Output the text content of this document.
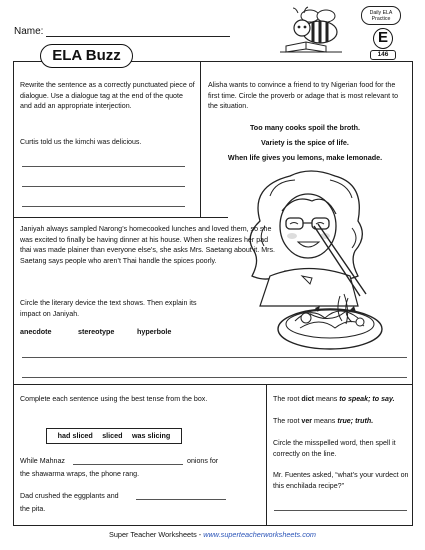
Name:
Daily ELA Practice
E
146
ELA Buzz
Rewrite the sentence as a correctly punctuated piece of dialogue. Use a dialogue tag at the end of the quote and add an appropriate interjection.
Curtis told us the kimchi was delicious.
Alisha wants to convince a friend to try Nigerian food for the first time. Circle the proverb or adage that is most relevant to the situation.
Too many cooks spoil the broth.
Variety is the spice of life.
When life gives you lemons, make lemonade.
Janiyah always sampled Narong’s homecooked lunches and loved them, so she was excited to finally be having dinner at his house. When she realizes her pad thai was made plainer than everyone else’s, she asks Mrs. Saetang about it. Mrs. Saetang says people who aren’t Thai handle the spices poorly.
Circle the literary device the text shows. Then explain its impact on Janiyah.
anecdote	stereotype	hyperbole
Complete each sentence using the best tense from the box.
had sliced sliced was slicing
While Mahnaz	onions for
the shawarma wraps, the phone rang.
Dad crushed the eggplants and
the pita.
The root dict means to speak; to say.
The root ver means true; truth.
Circle the misspelled word, then spell it correctly on the line.
Mr. Fuentes asked, “what’s your vurdect on this enchilada recipe?”
Super Teacher Worksheets - www.superteacherworksheets.com
